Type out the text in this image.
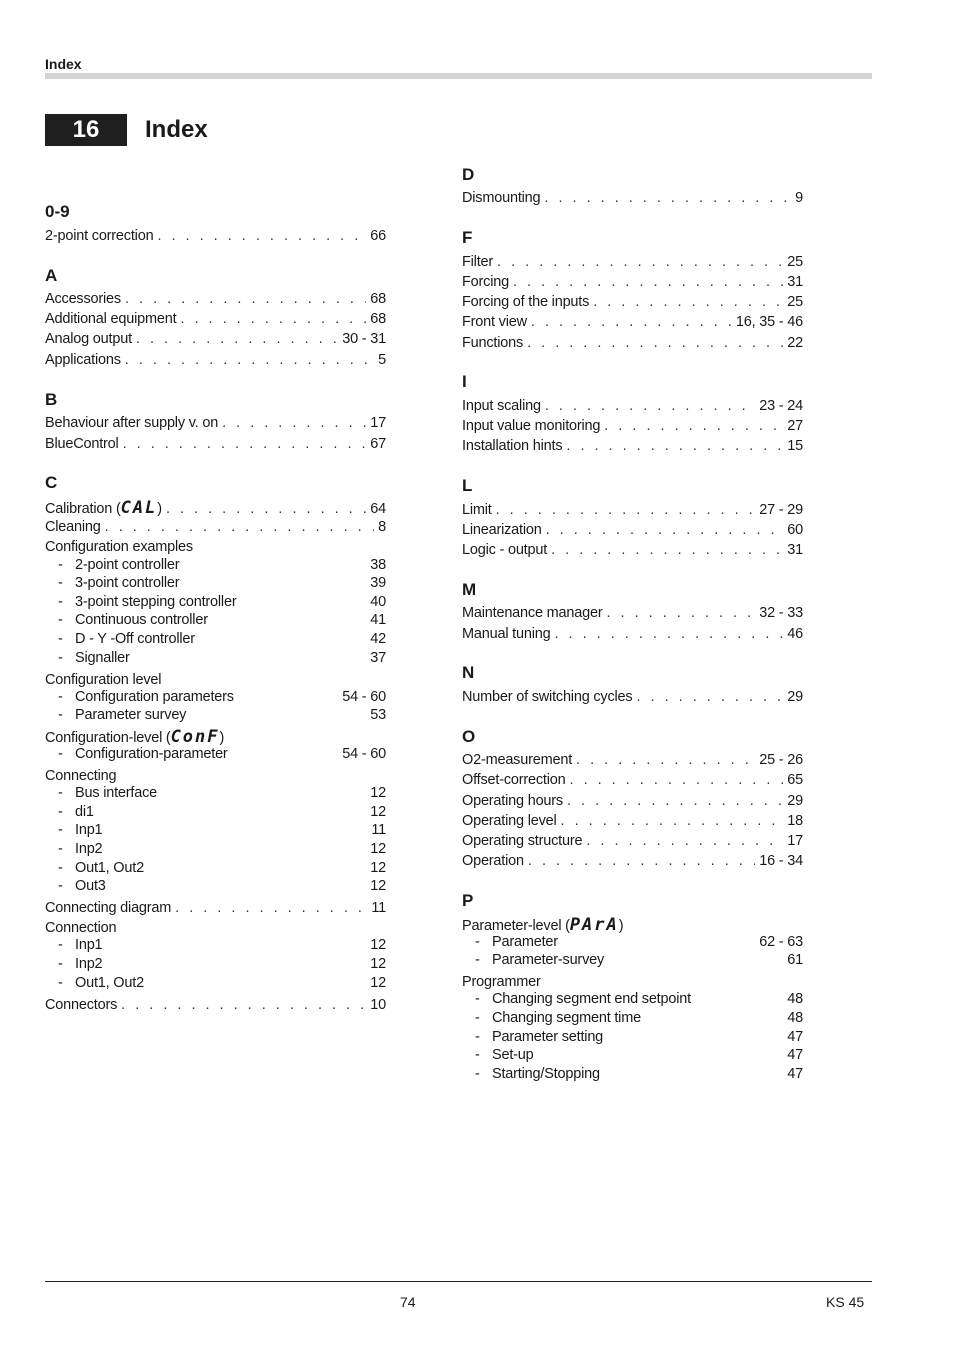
Index
16	Index
0-9
2-point correction . . .	66
A
Accessories . . .	68
Additional equipment . . .	68
Analog output . . .	30 - 31
Applications . . .	5
B
Behaviour after supply v. on . . .	17
BlueControl . . .	67
C
Calibration (CAL) . . .	64
Cleaning . . .	8
Configuration examples
- 2-point controller	38
- 3-point controller	39
- 3-point stepping controller	40
- Continuous controller	41
- D - Y -Off controller	42
- Signaller	37
Configuration level
- Configuration parameters	54 - 60
- Parameter survey	53
Configuration-level (ConF)
- Configuration-parameter	54 - 60
Connecting
- Bus interface	12
- di1	12
- Inp1	11
- Inp2	12
- Out1, Out2	12
- Out3	12
Connecting diagram . . .	11
Connection
- Inp1	12
- Inp2	12
- Out1, Out2	12
Connectors . . .	10
D
Dismounting . . .	9
F
Filter . . .	25
Forcing . . .	31
Forcing of the inputs . . .	25
Front view . . .	16, 35 - 46
Functions . . .	22
I
Input scaling . . .	23 - 24
Input value monitoring . . .	27
Installation hints . . .	15
L
Limit . . .	27 - 29
Linearization . . .	60
Logic - output . . .	31
M
Maintenance manager . . .	32 - 33
Manual tuning . . .	46
N
Number of switching cycles . . .	29
O
O2-measurement . . .	25 - 26
Offset-correction . . .	65
Operating hours . . .	29
Operating level . . .	18
Operating structure . . .	17
Operation . . .	16 - 34
P
Parameter-level (PArA)
- Parameter	62 - 63
- Parameter-survey	61
Programmer
- Changing segment end setpoint	48
- Changing segment time	48
- Parameter setting	47
- Set-up	47
- Starting/Stopping	47
74	KS 45
